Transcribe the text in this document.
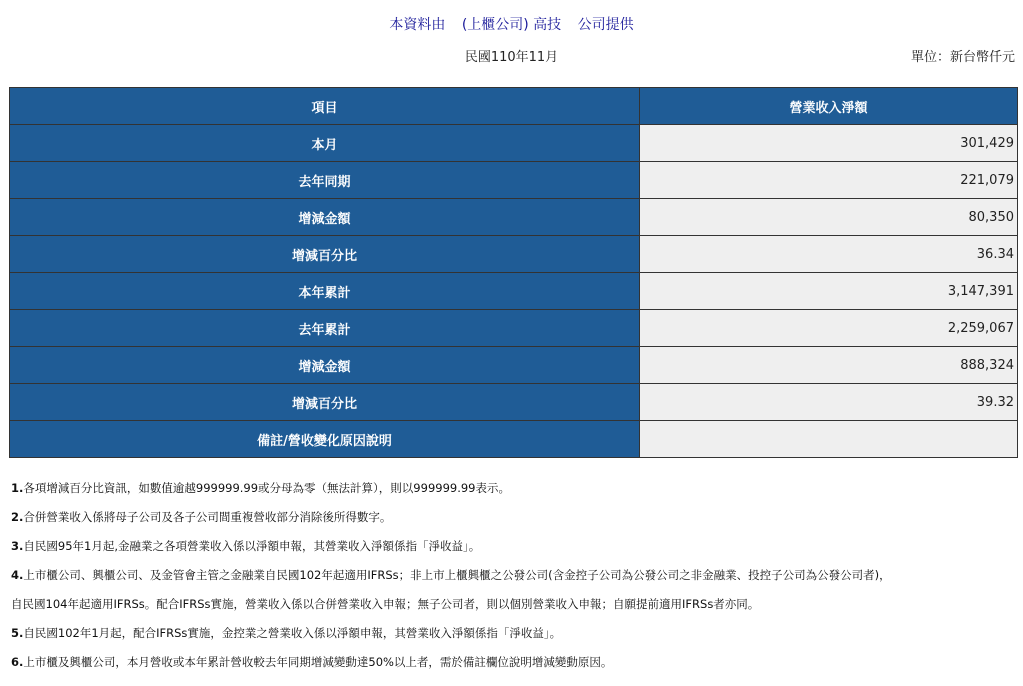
本資料由 (上櫃公司) 高技 公司提供
民國110年11月	單位：新台幣仟元
項目	營業收入淨額
本月	301,429
去年同期	221,079
增減金額	80,350
增減百分比	36.34
本年累計	3,147,391
去年累計	2,259,067
增減金額	888,324
增減百分比	39.32
備註/營收變化原因說明	
1.各項增減百分比資訊，如數值逾越999999.99或分母為零（無法計算），則以999999.99表示。
2.合併營業收入係將母子公司及各子公司間重複營收部分消除後所得數字。
3.自民國95年1月起,金融業之各項營業收入係以淨額申報，其營業收入淨額係指「淨收益」。
4.上市櫃公司、興櫃公司、及金管會主管之金融業自民國102年起適用IFRSs；非上市上櫃興櫃之公發公司(含金控子公司為公發公司之非金融業、投控子公司為公發公司者)，
自民國104年起適用IFRSs。配合IFRSs實施，營業收入係以合併營業收入申報；無子公司者，則以個別營業收入申報；自願提前適用IFRSs者亦同。
5.自民國102年1月起，配合IFRSs實施，金控業之營業收入係以淨額申報，其營業收入淨額係指「淨收益」。
6.上市櫃及興櫃公司，本月營收或本年累計營收較去年同期增減變動達50%以上者，需於備註欄位說明增減變動原因。
